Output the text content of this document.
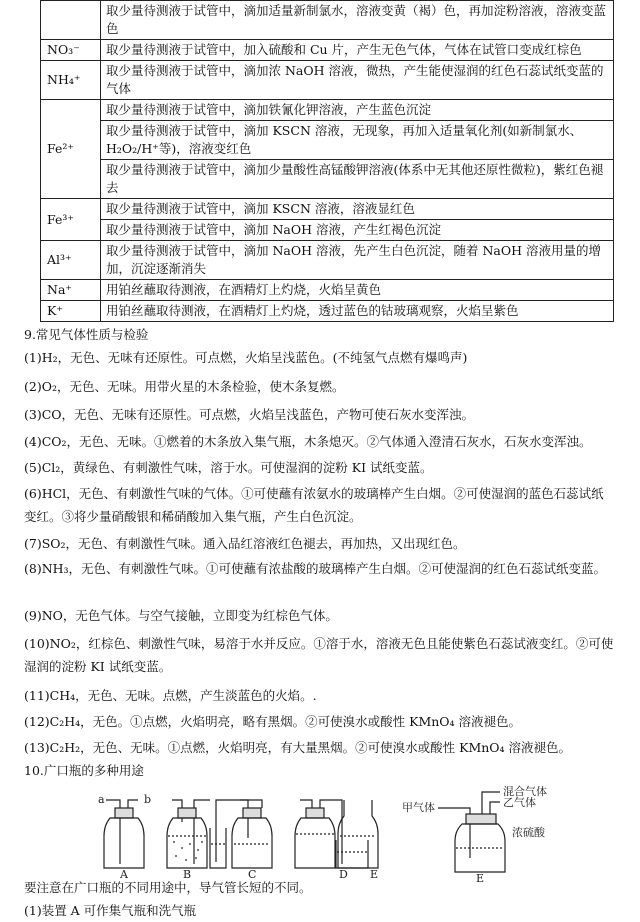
	取少量待测液于试管中，滴加适量新制氯水，溶液变黄（褐）色，再加淀粉溶液，溶液变蓝色
NO₃⁻	取少量待测液于试管中，加入硫酸和 Cu 片，产生无色气体，气体在试管口变成红棕色
NH₄⁺	取少量待测液于试管中，滴加浓 NaOH 溶液，微热，产生能使湿润的红色石蕊试纸变蓝的气体
Fe²⁺	取少量待测液于试管中，滴加铁氰化钾溶液，产生蓝色沉淀
	取少量待测液于试管中，滴加 KSCN 溶液，无现象，再加入适量氧化剂(如新制氯水、H₂O₂/H⁺等)，溶液变红色
	取少量待测液于试管中，滴加少量酸性高锰酸钾溶液(体系中无其他还原性微粒)，紫红色褪去
Fe³⁺	取少量待测液于试管中，滴加 KSCN 溶液，溶液显红色
	取少量待测液于试管中，滴加 NaOH 溶液，产生红褐色沉淀
Al³⁺	取少量待测液于试管中，滴加 NaOH 溶液，先产生白色沉淀，随着 NaOH 溶液用量的增加，沉淀逐渐消失
Na⁺	用铂丝蘸取待测液，在酒精灯上灼烧，火焰呈黄色
K⁺	用铂丝蘸取待测液，在酒精灯上灼烧，透过蓝色的钴玻璃观察，火焰呈紫色
9.常见气体性质与检验
(1)H₂，无色、无味有还原性。可点燃，火焰呈浅蓝色。(不纯氢气点燃有爆鸣声)
(2)O₂，无色、无味。用带火星的木条检验，使木条复燃。
(3)CO，无色、无味有还原性。可点燃，火焰呈浅蓝色，产物可使石灰水变浑浊。
(4)CO₂，无色、无味。①燃着的木条放入集气瓶，木条熄灭。②气体通入澄清石灰水，石灰水变浑浊。
(5)Cl₂，黄绿色、有刺激性气味，溶于水。可使湿润的淀粉 KI 试纸变蓝。
(6)HCl，无色、有刺激性气味的气体。①可使蘸有浓氨水的玻璃棒产生白烟。②可使湿润的蓝色石蕊试纸变红。③将少量硝酸银和稀硝酸加入集气瓶，产生白色沉淀。
(7)SO₂，无色、有刺激性气味。通入品红溶液红色褪去，再加热，又出现红色。
(8)NH₃，无色、有刺激性气味。①可使蘸有浓盐酸的玻璃棒产生白烟。②可使湿润的红色石蕊试纸变蓝。
(9)NO，无色气体。与空气接触，立即变为红棕色气体。
(10)NO₂，红棕色、刺激性气味，易溶于水并反应。①溶于水，溶液无色且能使紫色石蕊试液变红。②可使湿润的淀粉 KI 试纸变蓝。
(11)CH₄，无色、无味。点燃，产生淡蓝色的火焰。.
(12)C₂H₄，无色。①点燃，火焰明亮，略有黑烟。②可使溴水或酸性 KMnO₄ 溶液褪色。
(13)C₂H₂，无色、无味。①点燃，火焰明亮，有大量黑烟。②可使溴水或酸性 KMnO₄ 溶液褪色。
10.广口瓶的多种用途
a	b
A	B	C	D E
甲气体
混合气体
乙气体
浓硫酸
E
要注意在广口瓶的不同用途中，导气管长短的不同。
(1)装置 A 可作集气瓶和洗气瓶
